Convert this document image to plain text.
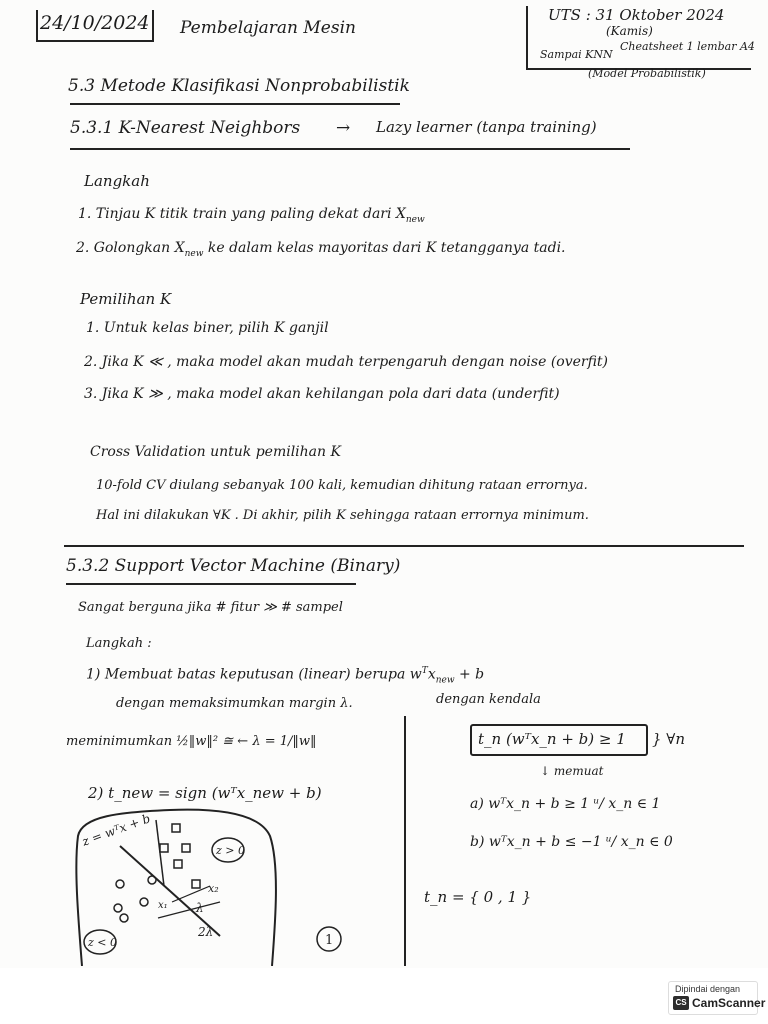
24/10/2024 Pembelajaran Mesin
UTS : 31 Oktober 2024
(Kamis)
Sampai KNN
Cheatsheet 1 lembar A4
(Model Probabilistik)
5.3 Metode Klasifikasi Nonprobabilistik
5.3.1 K-Nearest Neighbors → Lazy learner (tanpa training)
Langkah
1. Tinjau K titik train yang paling dekat dari $X_{new}$
2. Golongkan $X_{new}$ ke dalam kelas mayoritas dari K tetangganya tadi.
Pemilihan K
1. Untuk kelas biner, pilih K ganjil
2. Jika K ≪ , maka model akan mudah terpengaruh dengan noise (overfit)
3. Jika K ≫ , maka model akan kehilangan pola dari data (underfit)
Cross Validation untuk pemilihan K
10-fold CV diulang sebanyak 100 kali, kemudian dihitung rataan errornya.
Hal ini dilakukan ∀K . Di akhir, pilih K sehingga rataan errornya minimum.
5.3.2 Support Vector Machine (Binary)
Sangat berguna jika # fitur ≫ # sampel
Langkah :
1) Membuat batas keputusan (linear) berupa $w^Tx_{new} + b$
dengan memaksimumkan margin λ.	dengan kendala
meminimumkan ½‖w‖² ≅ ← λ = 1/‖w‖	t_n (wᵀx_n + b) ≥ 1 } ∀n
↓ memuat
a) wᵀx_n + b ≥ 1 ᵘ/ x_n ∈ 1
b) wᵀx_n + b ≤ −1 ᵘ/ x_n ∈ 0
2) t_new = sign (wᵀx_new + b)
t_n = { 0 , 1 }
z > 0
z < 0
z = wᵀx + b
x₂
x₁ λ
2λ
1
Dipindai dengan
CS CamScanner
